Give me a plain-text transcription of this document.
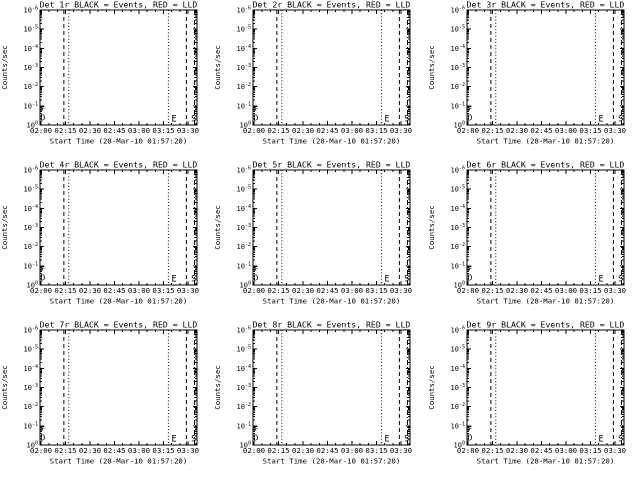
Det 1r BLACK = Events, RED = LLD
$10^{-6}$
$10^{-5}$
$10^{-4}$
$10^{-3}$
$10^{-2}$
$10^{-1}$
$10^0$
02:00 02:15 02:30 02:45 03:00 03:15 03:30
Start Time (28-Mar-10 01:57:20)
Counts/sec
F
D	E S
Det 2r BLACK = Events, RED = LLD
$10^{-6}$
$10^{-5}$
$10^{-4}$
$10^{-3}$
$10^{-2}$
$10^{-1}$
$10^0$
02:00 02:15 02:30 02:45 03:00 03:15 03:30
Start Time (28-Mar-10 01:57:20)
Counts/sec
F
D	E S
Det 3r BLACK = Events, RED = LLD
$10^{-6}$
$10^{-5}$
$10^{-4}$
$10^{-3}$
$10^{-2}$
$10^{-1}$
$10^0$
02:00 02:15 02:30 02:45 03:00 03:15 03:30
Start Time (28-Mar-10 01:57:20)
Counts/sec
F
D	E S
Det 4r BLACK = Events, RED = LLD
$10^{-6}$
$10^{-5}$
$10^{-4}$
$10^{-3}$
$10^{-2}$
$10^{-1}$
$10^0$
02:00 02:15 02:30 02:45 03:00 03:15 03:30
Start Time (28-Mar-10 01:57:20)
Counts/sec
F
D	E S
Det 5r BLACK = Events, RED = LLD
$10^{-6}$
$10^{-5}$
$10^{-4}$
$10^{-3}$
$10^{-2}$
$10^{-1}$
$10^0$
02:00 02:15 02:30 02:45 03:00 03:15 03:30
Start Time (28-Mar-10 01:57:20)
Counts/sec
F
D	E S
Det 6r BLACK = Events, RED = LLD
$10^{-6}$
$10^{-5}$
$10^{-4}$
$10^{-3}$
$10^{-2}$
$10^{-1}$
$10^0$
02:00 02:15 02:30 02:45 03:00 03:15 03:30
Start Time (28-Mar-10 01:57:20)
Counts/sec
F
D	E S
Det 7r BLACK = Events, RED = LLD
$10^{-6}$
$10^{-5}$
$10^{-4}$
$10^{-3}$
$10^{-2}$
$10^{-1}$
$10^0$
02:00 02:15 02:30 02:45 03:00 03:15 03:30
Start Time (28-Mar-10 01:57:20)
Counts/sec
F
D	E S
Det 8r BLACK = Events, RED = LLD
$10^{-6}$
$10^{-5}$
$10^{-4}$
$10^{-3}$
$10^{-2}$
$10^{-1}$
$10^0$
02:00 02:15 02:30 02:45 03:00 03:15 03:30
Start Time (28-Mar-10 01:57:20)
Counts/sec
F
D	E S
Det 9r BLACK = Events, RED = LLD
$10^{-6}$
$10^{-5}$
$10^{-4}$
$10^{-3}$
$10^{-2}$
$10^{-1}$
$10^0$
02:00 02:15 02:30 02:45 03:00 03:15 03:30
Start Time (28-Mar-10 01:57:20)
Counts/sec
F
D	E S
